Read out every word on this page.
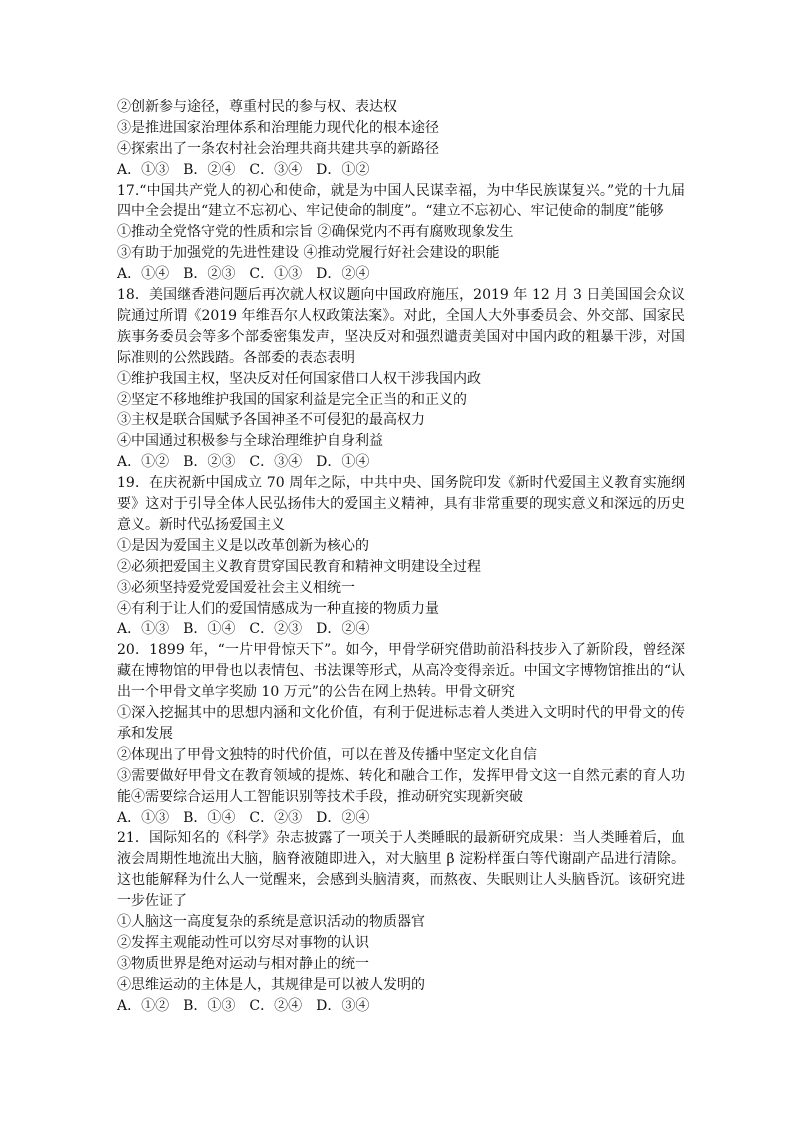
②创新参与途径，尊重村民的参与权、表达权
③是推进国家治理体系和治理能力现代化的根本途径
④探索出了一条农村社会治理共商共建共享的新路径
A．①③　B．②④　C．③④　D．①②
17.“中国共产党人的初心和使命，就是为中国人民谋幸福，为中华民族谋复兴。”党的十九届四中全会提出“建立不忘初心、牢记使命的制度”。“建立不忘初心、牢记使命的制度”能够
①推动全党恪守党的性质和宗旨 ②确保党内不再有腐败现象发生
③有助于加强党的先进性建设 ④推动党履行好社会建设的职能
A．①④　B．②③　C．①③　D．②④
18．美国继香港问题后再次就人权议题向中国政府施压，2019 年 12 月 3 日美国国会众议院通过所谓《2019 年维吾尔人权政策法案》。对此，全国人大外事委员会、外交部、国家民族事务委员会等多个部委密集发声，坚决反对和强烈谴责美国对中国内政的粗暴干涉，对国际准则的公然践踏。各部委的表态表明
①维护我国主权，坚决反对任何国家借口人权干涉我国内政
②坚定不移地维护我国的国家利益是完全正当的和正义的
③主权是联合国赋予各国神圣不可侵犯的最高权力
④中国通过积极参与全球治理维护自身利益
A．①②　B．②③　C．③④　D．①④
19．在庆祝新中国成立 70 周年之际，中共中央、国务院印发《新时代爱国主义教育实施纲要》这对于引导全体人民弘扬伟大的爱国主义精神，具有非常重要的现实意义和深远的历史意义。新时代弘扬爱国主义
①是因为爱国主义是以改革创新为核心的
②必须把爱国主义教育贯穿国民教育和精神文明建设全过程
③必须坚持爱党爱国爱社会主义相统一
④有利于让人们的爱国情感成为一种直接的物质力量
A．①③　B．①④　C．②③　D．②④
20．1899 年，“一片甲骨惊天下”。如今，甲骨学研究借助前沿科技步入了新阶段，曾经深藏在博物馆的甲骨也以表情包、书法课等形式，从高冷变得亲近。中国文字博物馆推出的“认出一个甲骨文单字奖励 10 万元”的公告在网上热转。甲骨文研究
①深入挖掘其中的思想内涵和文化价值，有利于促进标志着人类进入文明时代的甲骨文的传承和发展
②体现出了甲骨文独特的时代价值，可以在普及传播中坚定文化自信
③需要做好甲骨文在教育领域的提炼、转化和融合工作，发挥甲骨文这一自然元素的育人功能④需要综合运用人工智能识别等技术手段，推动研究实现新突破
A．①③　B．①④　C．②③　D．②④
21．国际知名的《科学》杂志披露了一项关于人类睡眠的最新研究成果：当人类睡着后，血液会周期性地流出大脑，脑脊液随即进入，对大脑里 β 淀粉样蛋白等代谢副产品进行清除。这也能解释为什么人一觉醒来，会感到头脑清爽，而熬夜、失眠则让人头脑昏沉。该研究进一步佐证了
①人脑这一高度复杂的系统是意识活动的物质器官
②发挥主观能动性可以穷尽对事物的认识
③物质世界是绝对运动与相对静止的统一
④思维运动的主体是人，其规律是可以被人发明的
A．①②　B．①③　C．②④　D．③④
